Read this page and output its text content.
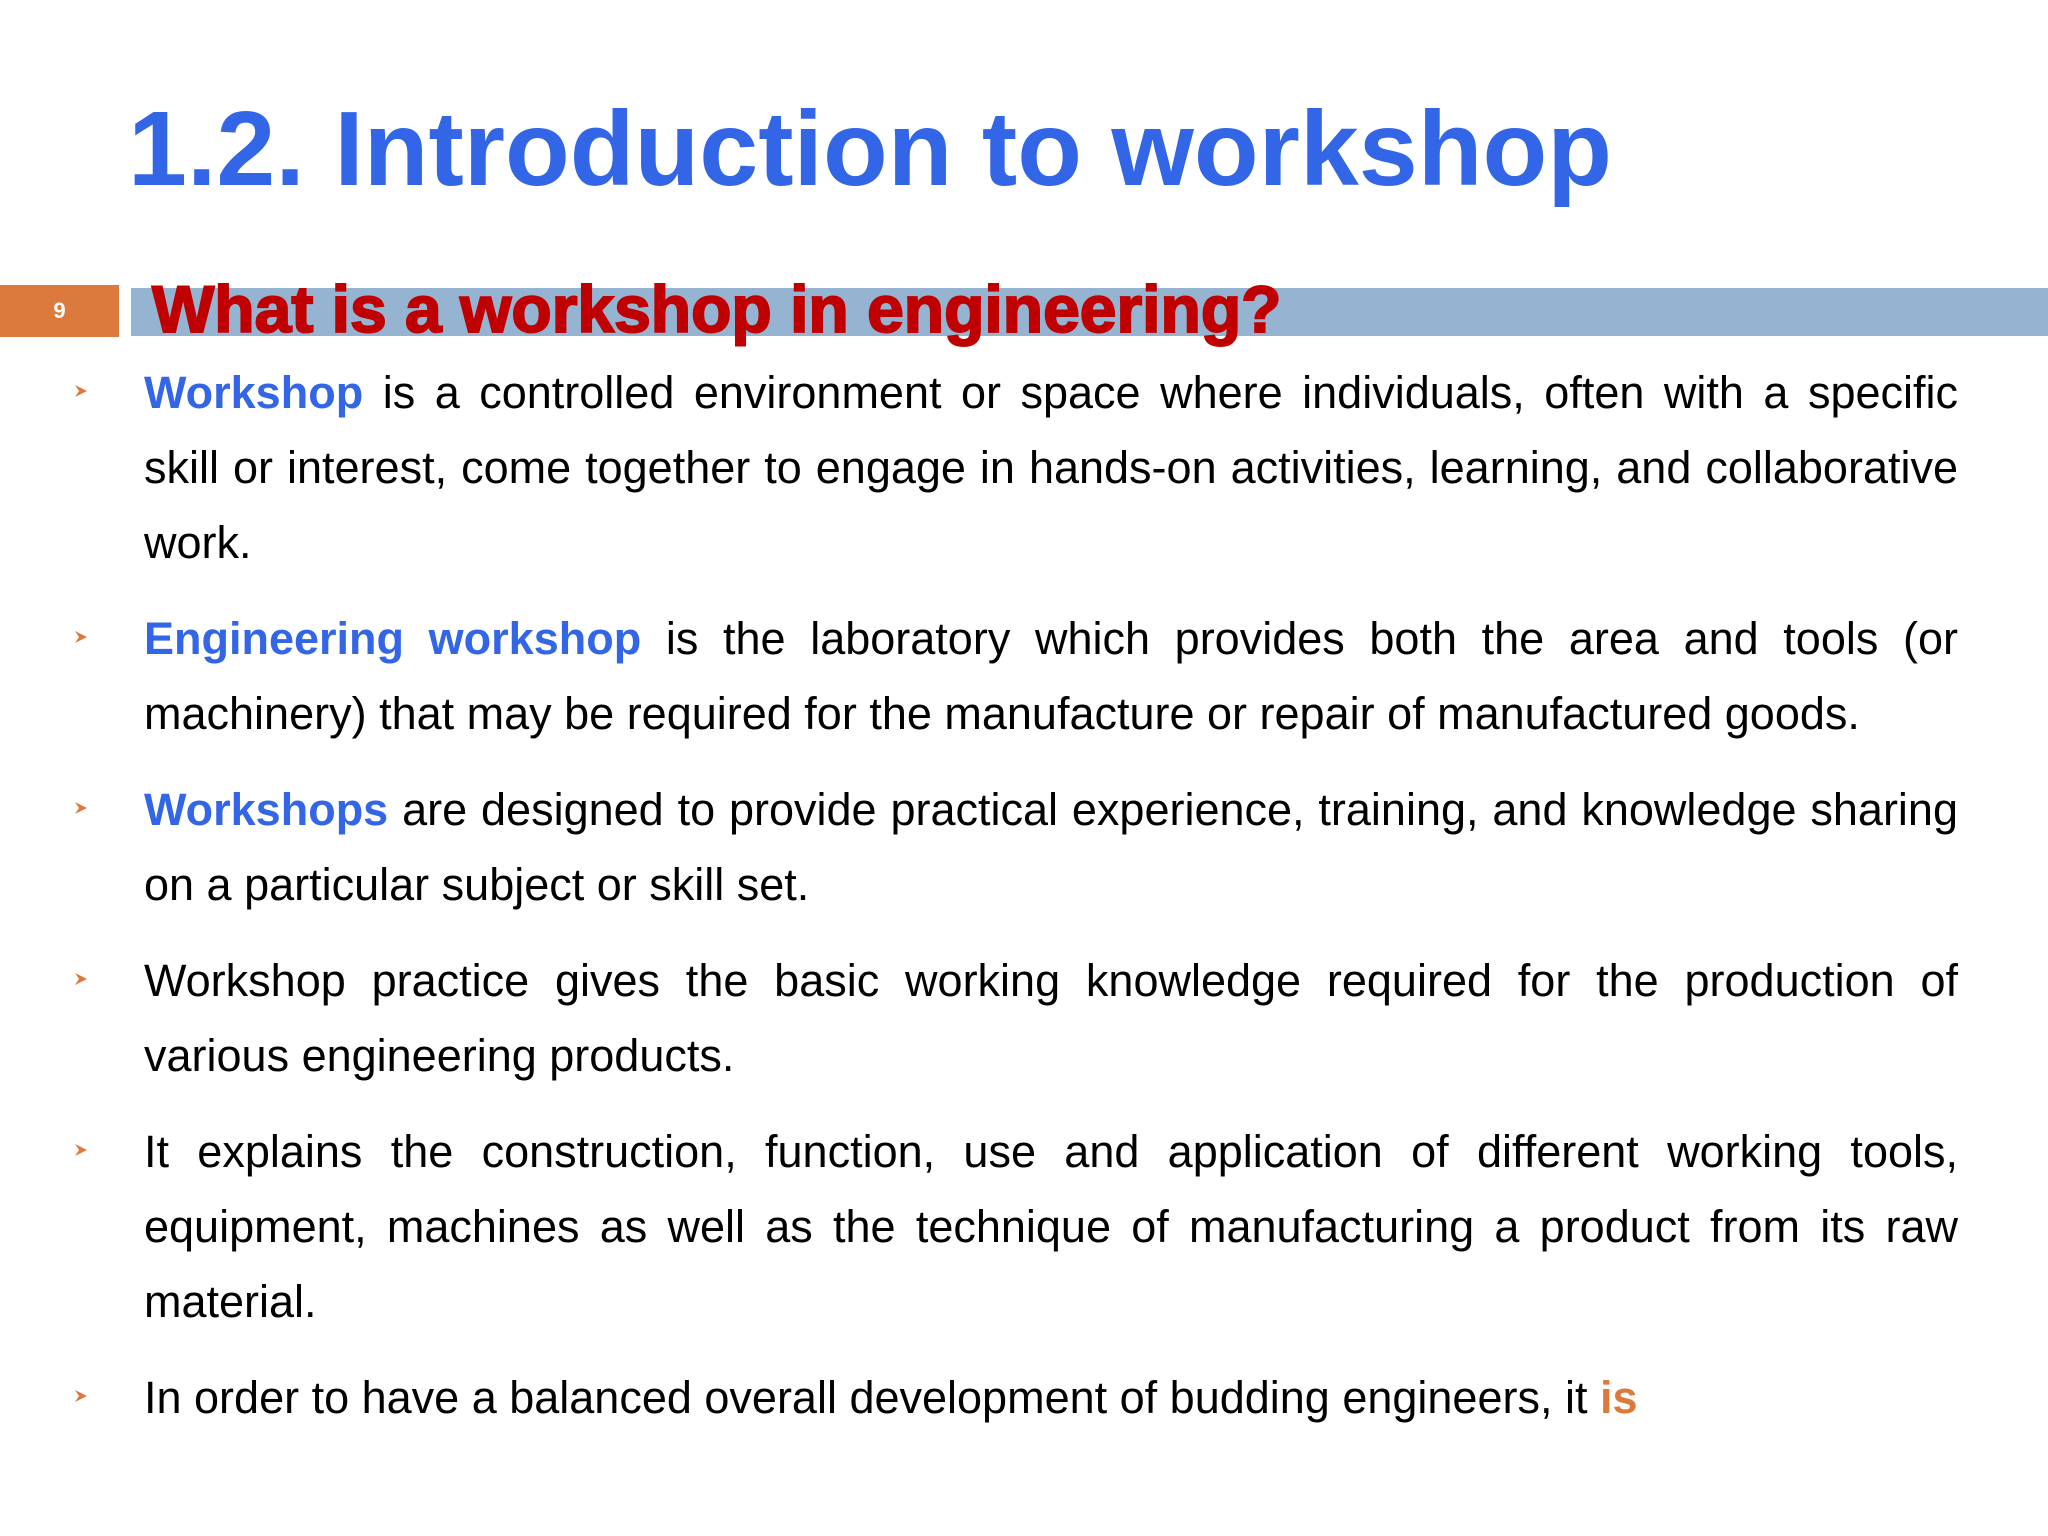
1.2. Introduction to workshop
9 What is a workshop in engineering?
Workshop is a controlled environment or space where individuals, often with a specific skill or interest, come together to engage in hands-on activities, learning, and collaborative work.
Engineering workshop is the laboratory which provides both the area and tools (or machinery) that may be required for the manufacture or repair of manufactured goods.
Workshops are designed to provide practical experience, training, and knowledge sharing on a particular subject or skill set.
Workshop practice gives the basic working knowledge required for the production of various engineering products.
It explains the construction, function, use and application of different working tools, equipment, machines as well as the technique of manufacturing a product from its raw material.
In order to have a balanced overall development of budding engineers, it is
